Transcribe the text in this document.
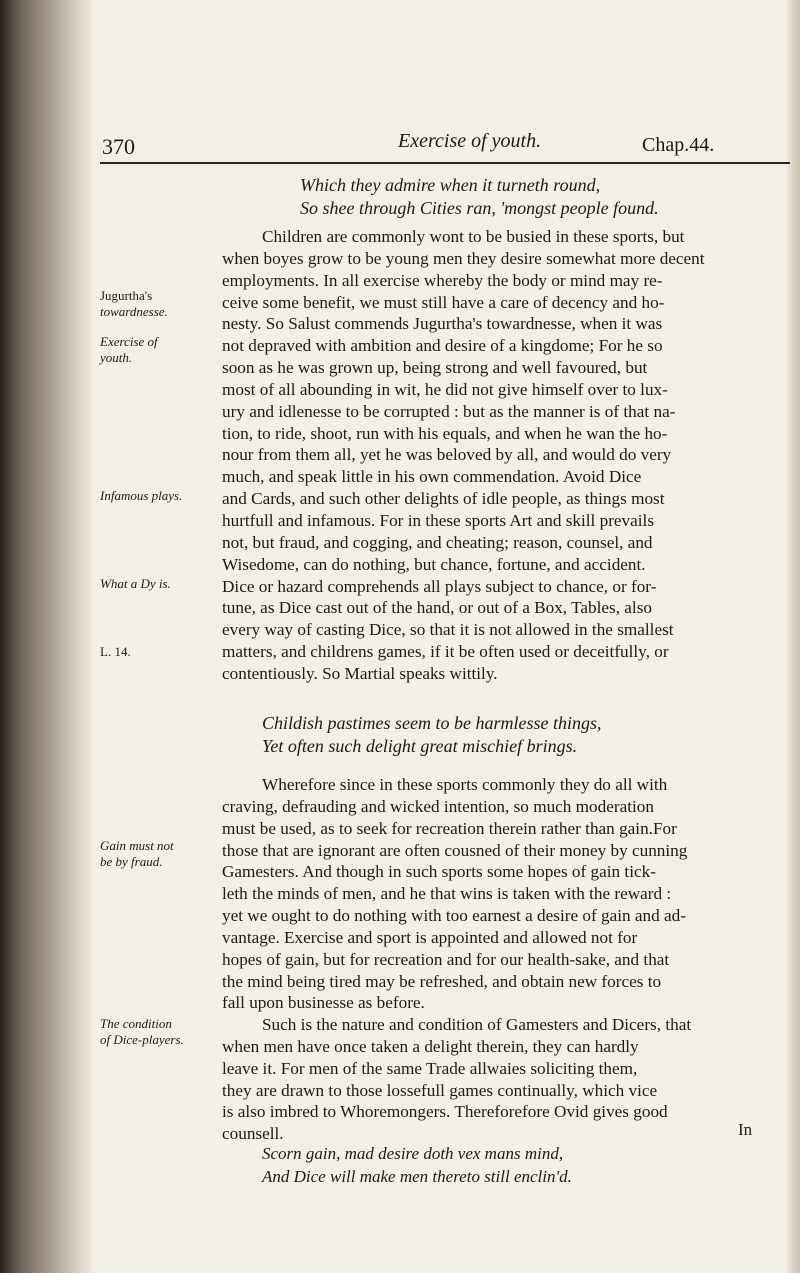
370	Exercise of youth.	Chap.44.

Which they admire when it turneth round,

So shee through Cities ran, 'mongst people found.

Children are commonly wont to be busied in these sports, but

when boyes grow to be young men they desire somewhat more decent

employments. In all exercise whereby the body or mind may re-

ceive some benefit, we must still have a care of decency and ho-

nesty. So Salust commends Jugurtha's towardnesse, when it was

not depraved with ambition and desire of a kingdome; For he so

soon as he was grown up, being strong and well favoured, but

most of all abounding in wit, he did not give himself over to lux-

ury and idlenesse to be corrupted : but as the manner is of that na-

tion, to ride, shoot, run with his equals, and when he wan the ho-

nour from them all, yet he was beloved by all, and would do very

much, and speak little in his own commendation. Avoid Dice

and Cards, and such other delights of idle people, as things most

hurtfull and infamous. For in these sports Art and skill prevails

not, but fraud, and cogging, and cheating; reason, counsel, and

Wisedome, can do nothing, but chance, fortune, and accident.

Dice or hazard comprehends all plays subject to chance, or for-

tune, as Dice cast out of the hand, or out of a Box, Tables, also

every way of casting Dice, so that it is not allowed in the smallest

matters, and childrens games, if it be often used or deceitfully, or

contentiously. So Martial speaks wittily.

Childish pastimes seem to be harmlesse things,

Yet often such delight great mischief brings.

Wherefore since in these sports commonly they do all with

craving, defrauding and wicked intention, so much moderation

must be used, as to seek for recreation therein rather than gain.For

those that are ignorant are often cousned of their money by cunning

Gamesters. And though in such sports some hopes of gain tick-

leth the minds of men, and he that wins is taken with the reward :

yet we ought to do nothing with too earnest a desire of gain and ad-

vantage. Exercise and sport is appointed and allowed not for

hopes of gain, but for recreation and for our health-sake, and that

the mind being tired may be refreshed, and obtain new forces to

fall upon businesse as before.

Such is the nature and condition of Gamesters and Dicers, that

when men have once taken a delight therein, they can hardly

leave it. For men of the same Trade allwaies soliciting them,

they are drawn to those lossefull games continually, which vice

is also imbred to Whoremongers. Thereforefore Ovid gives good

counsell.

Scorn gain, mad desire doth vex mans mind,

And Dice will make men thereto still enclin'd.

In
Jugurtha's
towardnesse.
Exercise of
youth.
Infamous plays.
What a Dy is.
L. 14.
Gain must not
be by fraud.
The condition
of Dice-players.
